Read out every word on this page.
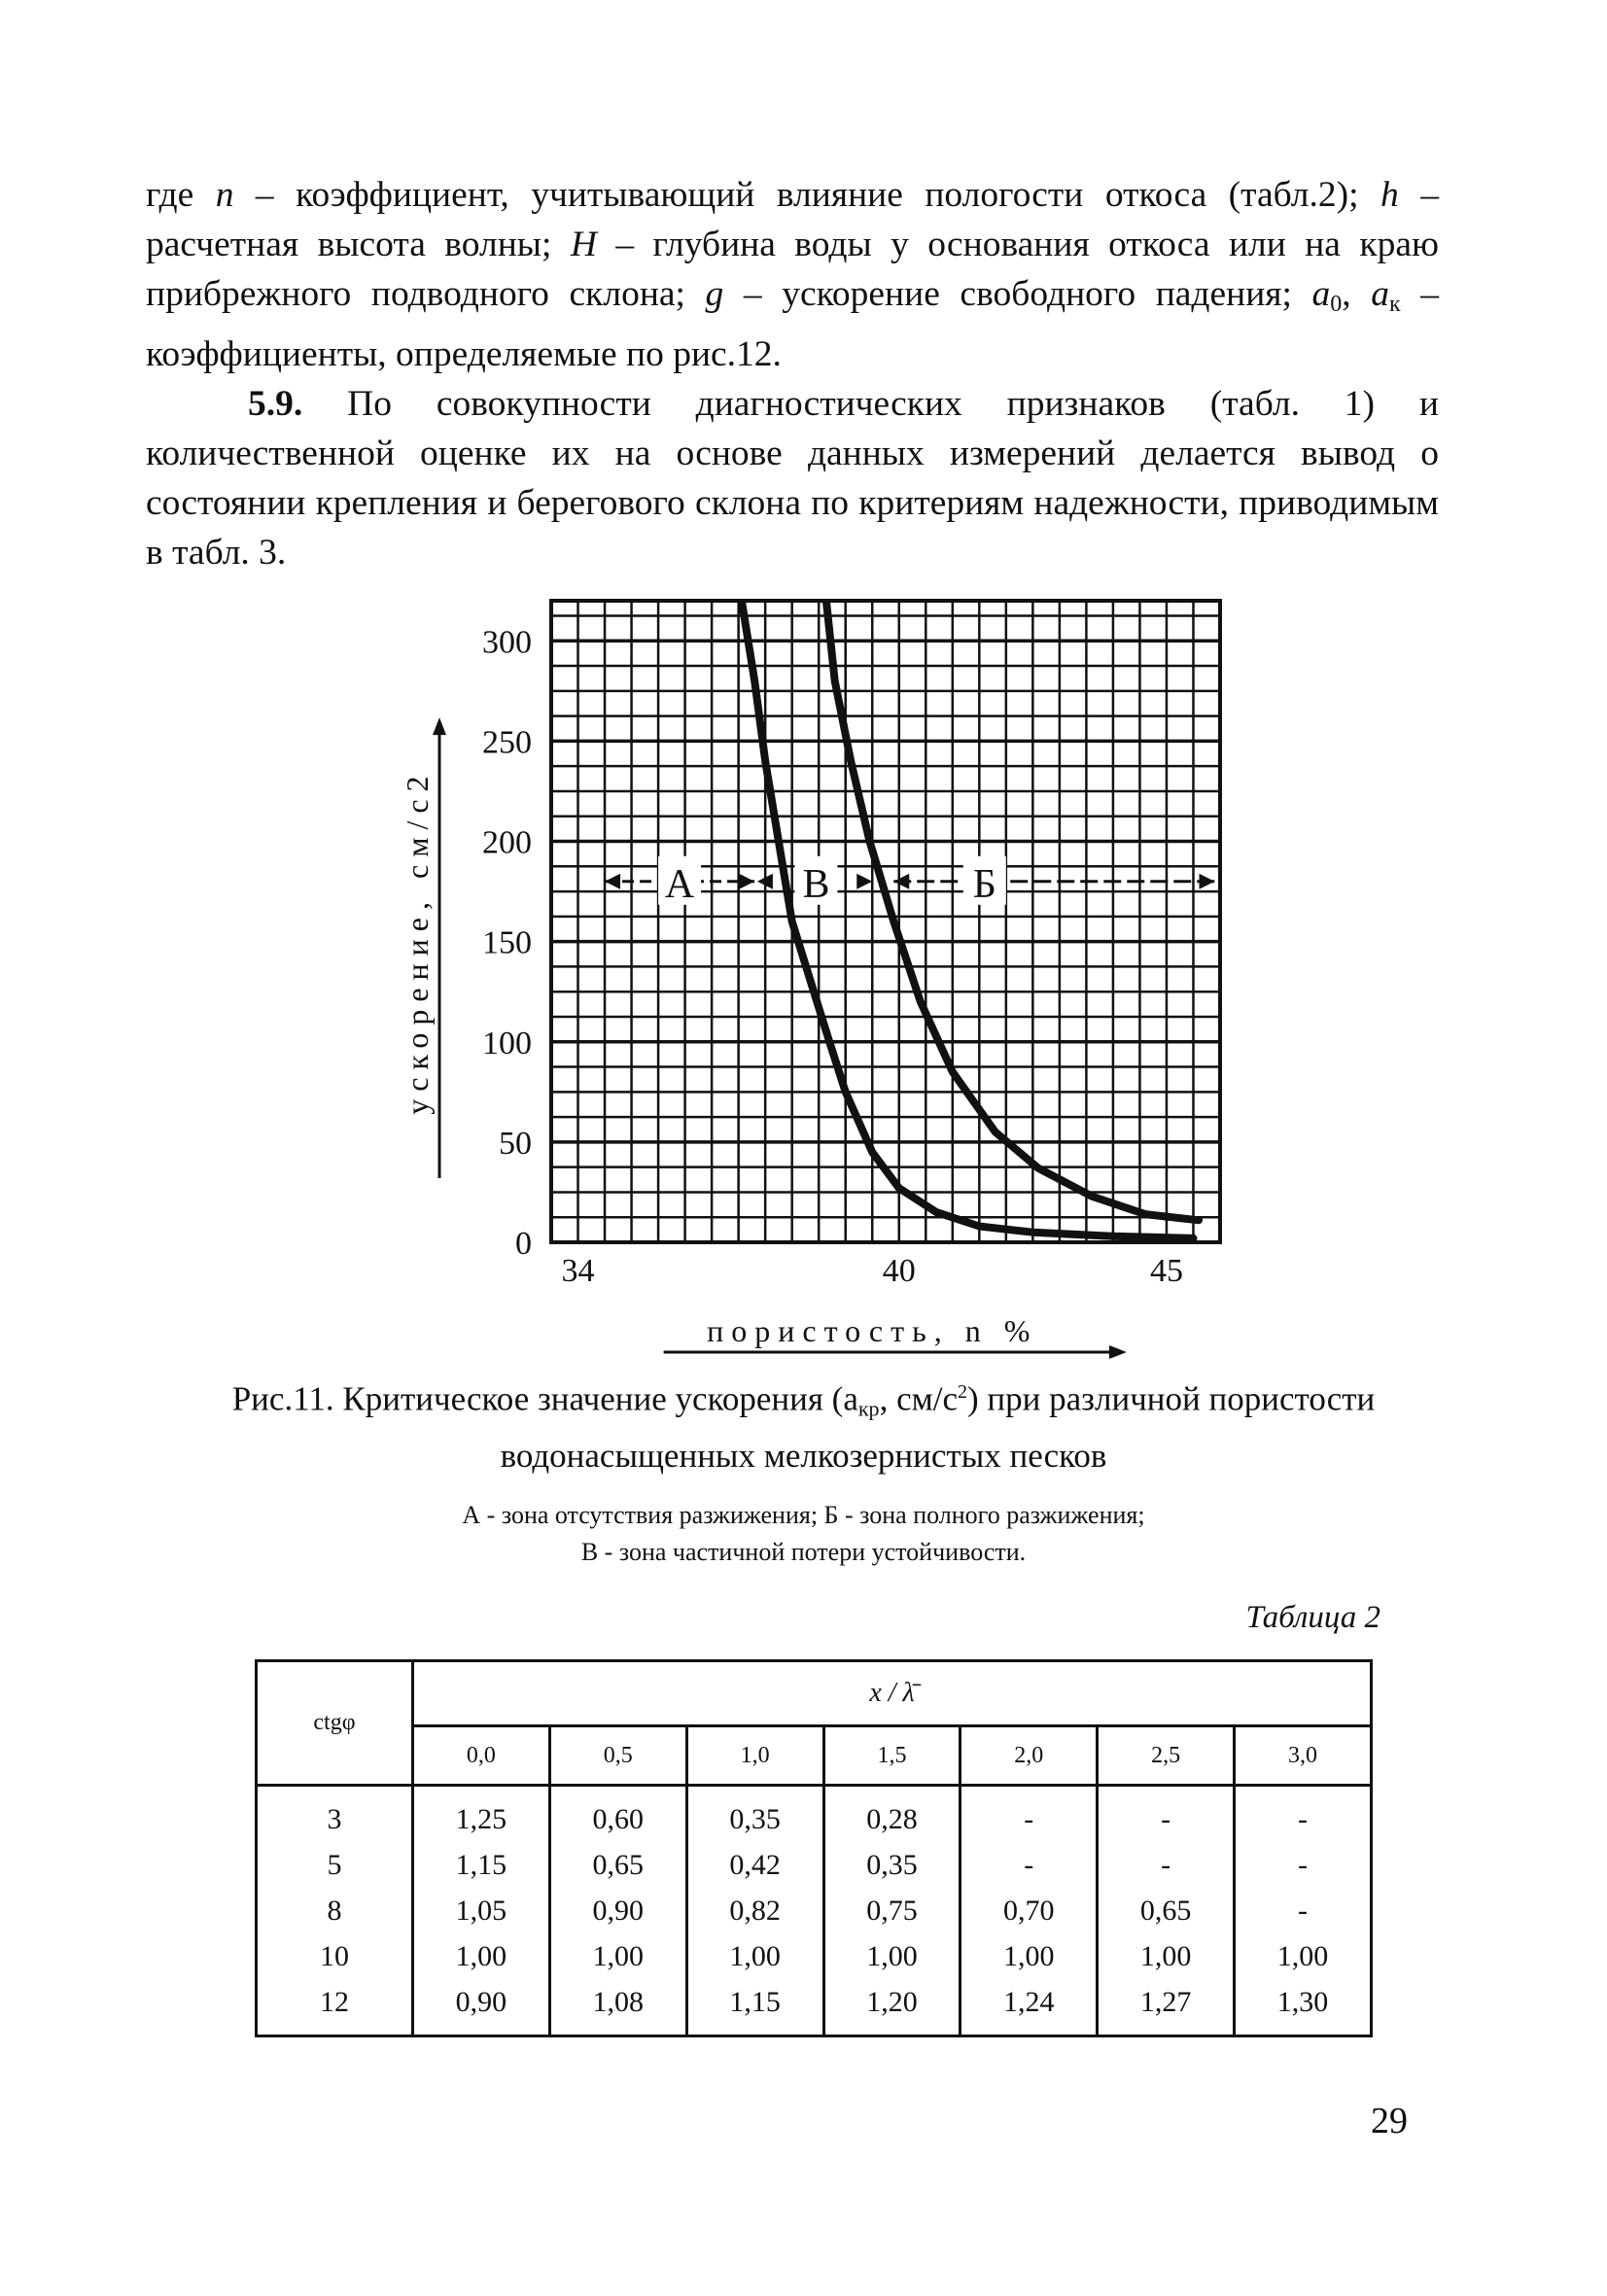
где n – коэффициент, учитывающий влияние пологости откоса (табл.2); h – расчетная высота волны; H – глубина воды у основания откоса или на краю прибрежного подводного склона; g – ускорение свободного падения; $a_0$, $a_к$ – коэффициенты, определяемые по рис.12.

5.9. По совокупности диагностических признаков (табл. 1) и количественной оценке их на основе данных измерений делается вывод о состоянии крепления и берегового склона по критериям надежности, приводимым в табл. 3.

А	В	Б
0
50
100
150
200
250
300
34	40	45
пористость, n %
ускорение, см/с2
Рис.11. Критическое значение ускорения ($a_{кр}$, $см/с^2$) при различной пористости водонасыщенных мелкозернистых песков
А - зона отсутствия разжижения; Б - зона полного разжижения;
В - зона частичной потери устойчивости.
Таблица 2
ctgφ	x / λ̄						
	0,0	0,5	1,0	1,5	2,0	2,5	3,0
3	1,25	0,60	0,35	0,28	-	-	-
5	1,15	0,65	0,42	0,35	-	-	-
8	1,05	0,90	0,82	0,75	0,70	0,65	-
10	1,00	1,00	1,00	1,00	1,00	1,00	1,00
12	0,90	1,08	1,15	1,20	1,24	1,27	1,30
29
